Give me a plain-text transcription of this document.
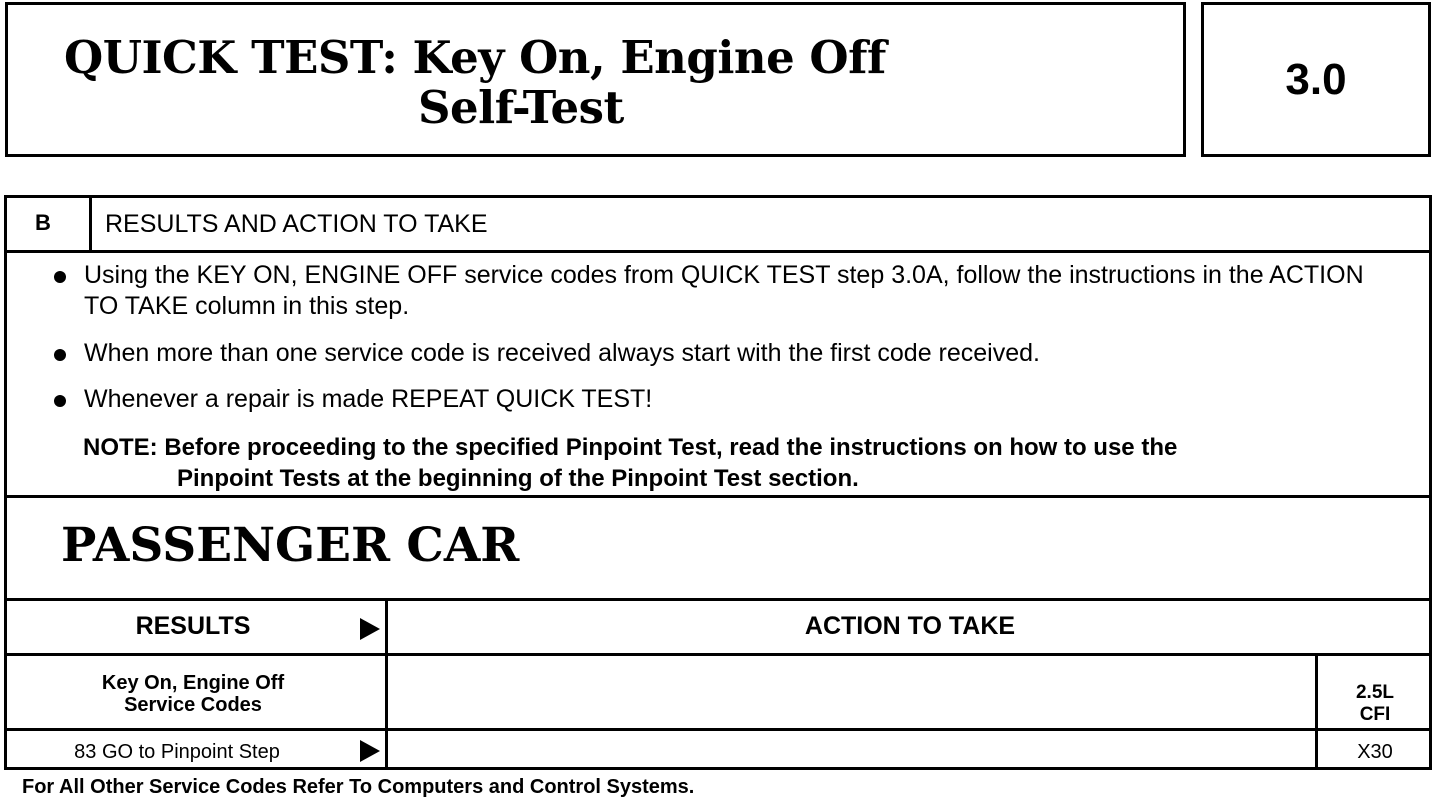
QUICK TEST: Key On, Engine Off
Self-Test
3.0
B RESULTS AND ACTION TO TAKE
Using the KEY ON, ENGINE OFF service codes from QUICK TEST step 3.0A, follow the instructions in the ACTION TO TAKE column in this step.
When more than one service code is received always start with the first code received.
Whenever a repair is made REPEAT QUICK TEST!
NOTE: Before proceeding to the specified Pinpoint Test, read the instructions on how to use the
Pinpoint Tests at the beginning of the Pinpoint Test section.
PASSENGER CAR
RESULTS	ACTION TO TAKE
Key On, Engine Off
Service Codes
2.5L
CFI
83 GO to Pinpoint Step	X30
For All Other Service Codes Refer To Computers and Control Systems.
